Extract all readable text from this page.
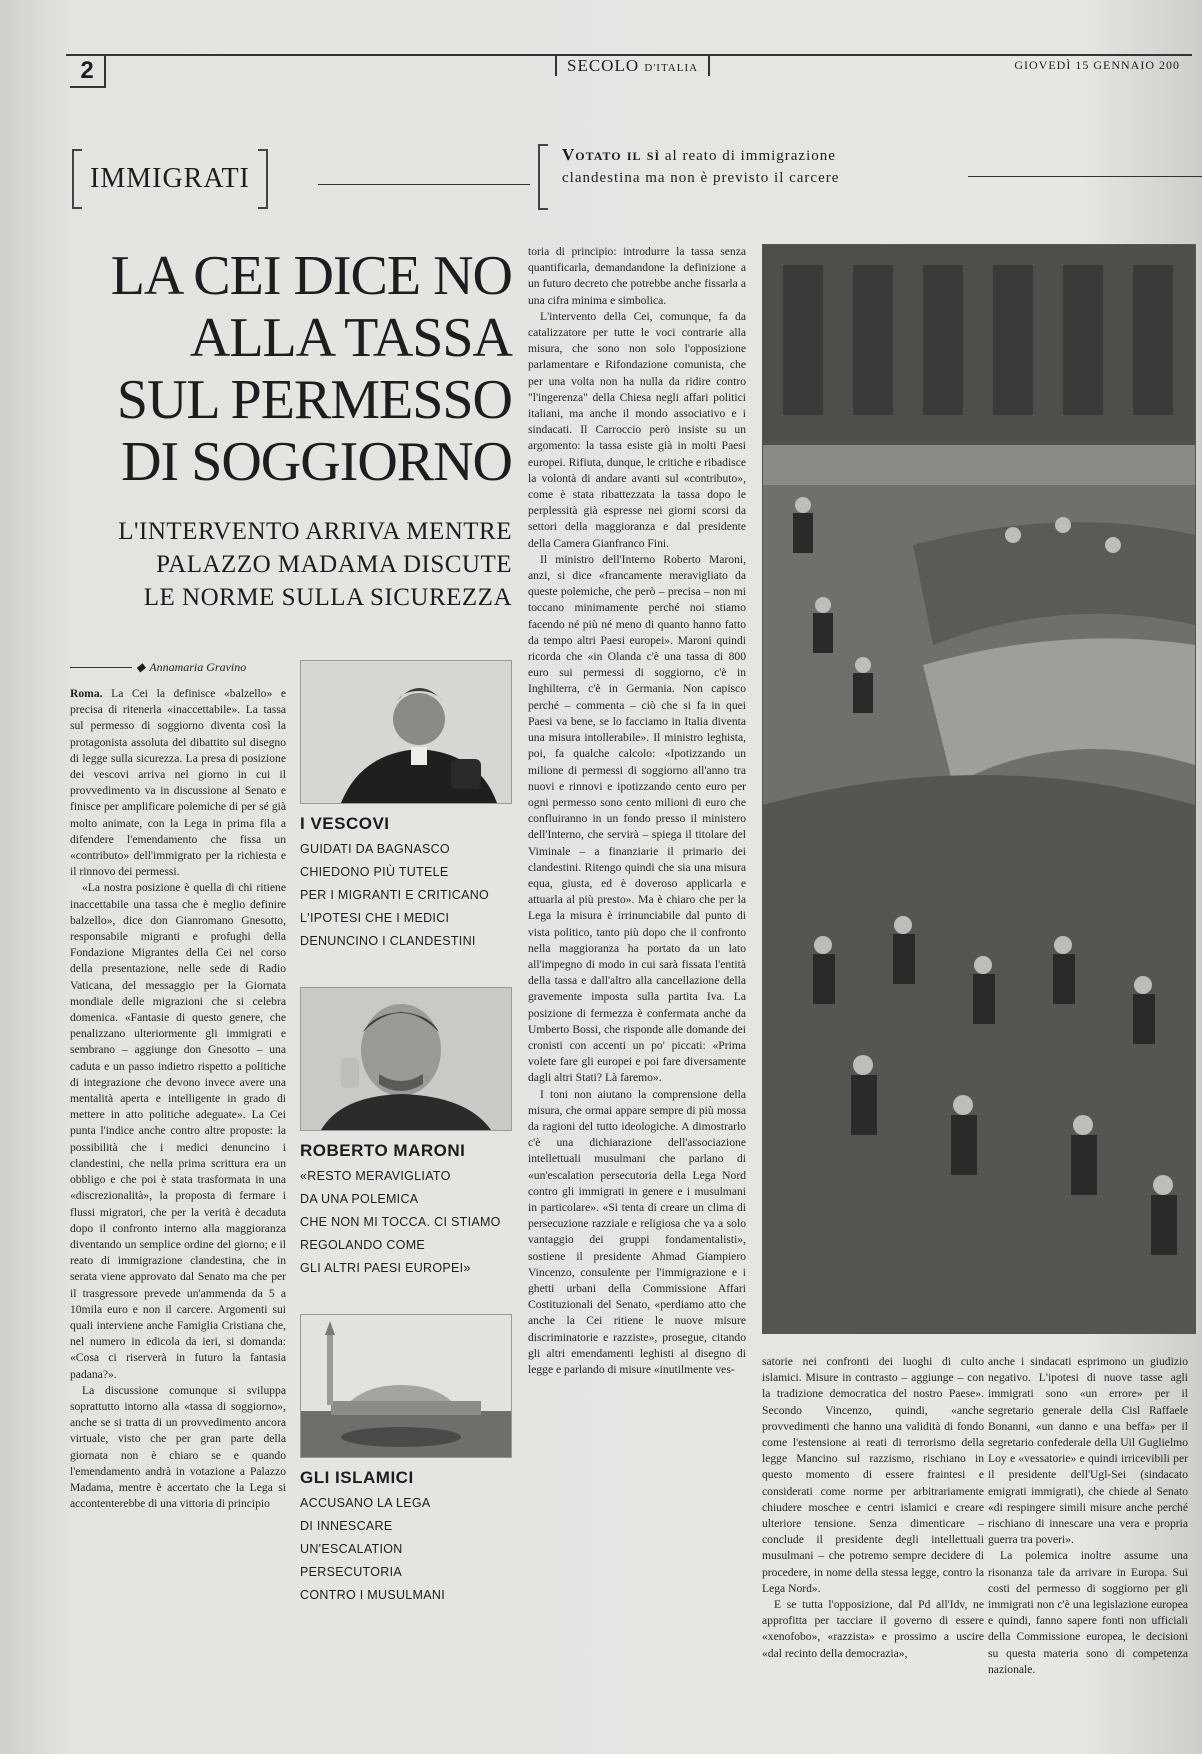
2	SECOLO D'ITALIA	GIOVEDÌ 15 GENNAIO 200
IMMIGRATI
Votato il sì al reato di immigrazione
clandestina ma non è previsto il carcere
LA CEI DICE NO
ALLA TASSA
SUL PERMESSO
DI SOGGIORNO
L'INTERVENTO ARRIVA MENTRE
PALAZZO MADAMA DISCUTE
LE NORME SULLA SICUREZZA
◆ Annamaria Gravino

Roma. La Cei la definisce «balzello» e precisa di ritenerla «inaccettabile». La tassa sul permesso di soggiorno diventa così la protagonista assoluta del dibattito sul disegno di legge sulla sicurezza. La presa di posizione dei vescovi arriva nel giorno in cui il provvedimento va in discussione al Senato e finisce per amplificare polemiche di per sé già molto animate, con la Lega in prima fila a difendere l'emendamento che fissa un «contributo» dell'immigrato per la richiesta e il rinnovo dei permessi.

«La nostra posizione è quella di chi ritiene inaccettabile una tassa che è meglio definire balzello», dice don Gianromano Gnesotto, responsabile migranti e profughi della Fondazione Migrantes della Cei nel corso della presentazione, nelle sede di Radio Vaticana, del messaggio per la Giornata mondiale delle migrazioni che si celebra domenica. «Fantasie di questo genere, che penalizzano ulteriormente gli immigrati e sembrano – aggiunge don Gnesotto – una caduta e un passo indietro rispetto a politiche di integrazione che devono invece avere una mentalità aperta e intelligente in grado di mettere in atto politiche adeguate». La Cei punta l'indice anche contro altre proposte: la possibilità che i medici denuncino i clandestini, che nella prima scrittura era un obbligo e che poi è stata trasformata in una «discrezionalità», la proposta di fermare i flussi migratori, che per la verità è decaduta dopo il confronto interno alla maggioranza diventando un semplice ordine del giorno; e il reato di immigrazione clandestina, che in serata viene approvato dal Senato ma che per il trasgressore prevede un'ammenda da 5 a 10mila euro e non il carcere. Argomenti sui quali interviene anche Famiglia Cristiana che, nel numero in edicola da ieri, si domanda: «Cosa ci riserverà in futuro la fantasia padana?».

La discussione comunque si sviluppa soprattutto intorno alla «tassa di soggiorno», anche se si tratta di un provvedimento ancora virtuale, visto che per gran parte della giornata non è chiaro se e quando l'emendamento andrà in votazione a Palazzo Madama, mentre è accertato che la Lega si accontenterebbe di una vittoria di principio

I VESCOVI
GUIDATI DA BAGNASCO
CHIEDONO PIÙ TUTELE
PER I MIGRANTI E CRITICANO
L'IPOTESI CHE I MEDICI
DENUNCINO I CLANDESTINI
ROBERTO MARONI
«RESTO MERAVIGLIATO
DA UNA POLEMICA
CHE NON MI TOCCA. CI STIAMO
REGOLANDO COME
GLI ALTRI PAESI EUROPEI»
GLI ISLAMICI
ACCUSANO LA LEGA
DI INNESCARE
UN'ESCALATION
PERSECUTORIA
CONTRO I MUSULMANI

toria di principio: introdurre la tassa senza quantificarla, demandandone la definizione a un futuro decreto che potrebbe anche fissarla a una cifra minima e simbolica.

L'intervento della Cei, comunque, fa da catalizzatore per tutte le voci contrarie alla misura, che sono non solo l'opposizione parlamentare e Rifondazione comunista, che per una volta non ha nulla da ridire contro "l'ingerenza" della Chiesa negli affari politici italiani, ma anche il mondo associativo e i sindacati. Il Carroccio però insiste su un argomento: la tassa esiste già in molti Paesi europei. Rifiuta, dunque, le critiche e ribadisce la volontà di andare avanti sul «contributo», come è stata ribattezzata la tassa dopo le perplessità già espresse nei giorni scorsi da settori della maggioranza e dal presidente della Camera Gianfranco Fini.

Il ministro dell'Interno Roberto Maroni, anzi, si dice «francamente meravigliato da queste polemiche, che però – precisa – non mi toccano minimamente perché noi stiamo facendo né più né meno di quanto hanno fatto da tempo altri Paesi europei». Maroni quindi ricorda che «in Olanda c'è una tassa di 800 euro sui permessi di soggiorno, c'è in Inghilterra, c'è in Germania. Non capisco perché – commenta – ciò che si fa in quei Paesi va bene, se lo facciamo in Italia diventa una misura intollerabile». Il ministro leghista, poi, fa qualche calcolo: «Ipotizzando un milione di permessi di soggiorno all'anno tra nuovi e rinnovi e ipotizzando cento euro per ogni permesso sono cento milioni di euro che confluiranno in un fondo presso il ministero dell'Interno, che servirà – spiega il titolare del Viminale – a finanziarie il primario dei clandestini. Ritengo quindi che sia una misura equa, giusta, ed è doveroso applicarla e attuarla al più presto». Ma è chiaro che per la Lega la misura è irrinunciabile dal punto di vista politico, tanto più dopo che il confronto nella maggioranza ha portato da un lato all'impegno di modo in cui sarà fissata l'entità della tassa e dall'altro alla cancellazione della gravemente imposta sulla partita Iva. La posizione di fermezza è confermata anche da Umberto Bossi, che risponde alle domande dei cronisti con accenti un po' piccati: «Prima volete fare gli europei e poi fare diversamente dagli altri Stati? Là faremo».

I toni non aiutano la comprensione della misura, che ormai appare sempre di più mossa da ragioni del tutto ideologiche. A dimostrarlo c'è una dichiarazione dell'associazione intellettuali musulmani che parlano di «un'escalation persecutoria della Lega Nord contro gli immigrati in genere e i musulmani in particolare». «Si tenta di creare un clima di persecuzione razziale e religiosa che va a solo vantaggio dei gruppi fondamentalisti», sostiene il presidente Ahmad Giampiero Vincenzo, consulente per l'immigrazione e i ghetti urbani della Commissione Affari Costituzionali del Senato, «perdiamo atto che anche la Cei ritiene le nuove misure discriminatorie e razziste», prosegue, citando gli altri emendamenti leghisti al disegno di legge e parlando di misure «inutilmente ves-

satorie nei confronti dei luoghi di culto islamici. Misure in contrasto – aggiunge – con la tradizione democratica del nostro Paese». Secondo Vincenzo, quindi, «anche provvedimenti che hanno una validità di fondo come l'estensione ai reati di terrorismo della legge Mancino sul razzismo, rischiano in questo momento di essere fraintesi e considerati come norme per arbitrariamente chiudere moschee e centri islamici e creare ulteriore tensione. Senza dimenticare – conclude il presidente degli intellettuali musulmani – che potremo sempre decidere di procedere, in nome della stessa legge, contro la Lega Nord».

E se tutta l'opposizione, dal Pd all'Idv, ne approfitta per tacciare il governo di essere «xenofobo», «razzista» e prossimo a uscire «dal recinto della democrazia»,

anche i sindacati esprimono un giudizio negativo. L'ipotesi di nuove tasse agli immigrati sono «un errore» per il segretario generale della Cisl Raffaele Bonanni, «un danno e una beffa» per il segretario confederale della Uil Guglielmo Loy e «vessatorie» e quindi irricevibili per il presidente dell'Ugl-Sei (sindacato emigrati immigrati), che chiede al Senato «di respingere simili misure anche perché rischiano di innescare una vera e propria guerra tra poveri».

La polemica inoltre assume una risonanza tale da arrivare in Europa. Sui costi del permesso di soggiorno per gli immigrati non c'è una legislazione europea e quindi, fanno sapere fonti non ufficiali della Commissione europea, le decisioni su questa materia sono di competenza nazionale.
